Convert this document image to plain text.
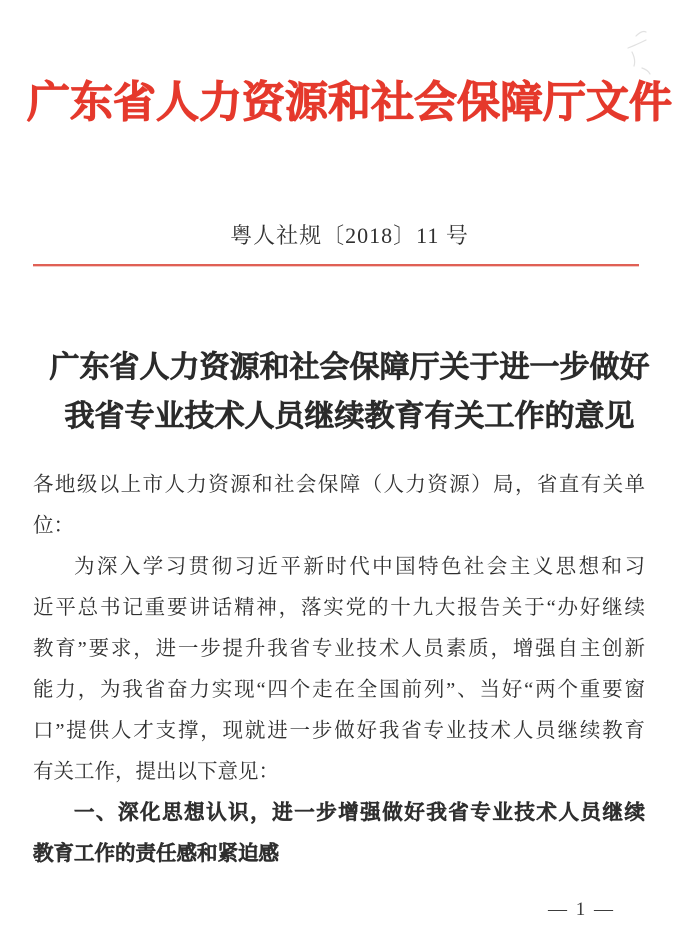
广东省人力资源和社会保障厅文件
粤人社规〔2018〕11 号
广东省人力资源和社会保障厅关于进一步做好
我省专业技术人员继续教育有关工作的意见
各地级以上市人力资源和社会保障（人力资源）局，省直有关单
位：
为深入学习贯彻习近平新时代中国特色社会主义思想和习
近平总书记重要讲话精神，落实党的十九大报告关于“办好继续
教育”要求，进一步提升我省专业技术人员素质，增强自主创新
能力，为我省奋力实现“四个走在全国前列”、当好“两个重要窗
口”提供人才支撑，现就进一步做好我省专业技术人员继续教育
有关工作，提出以下意见：
一、深化思想认识，进一步增强做好我省专业技术人员继续
教育工作的责任感和紧迫感
— 1 —
